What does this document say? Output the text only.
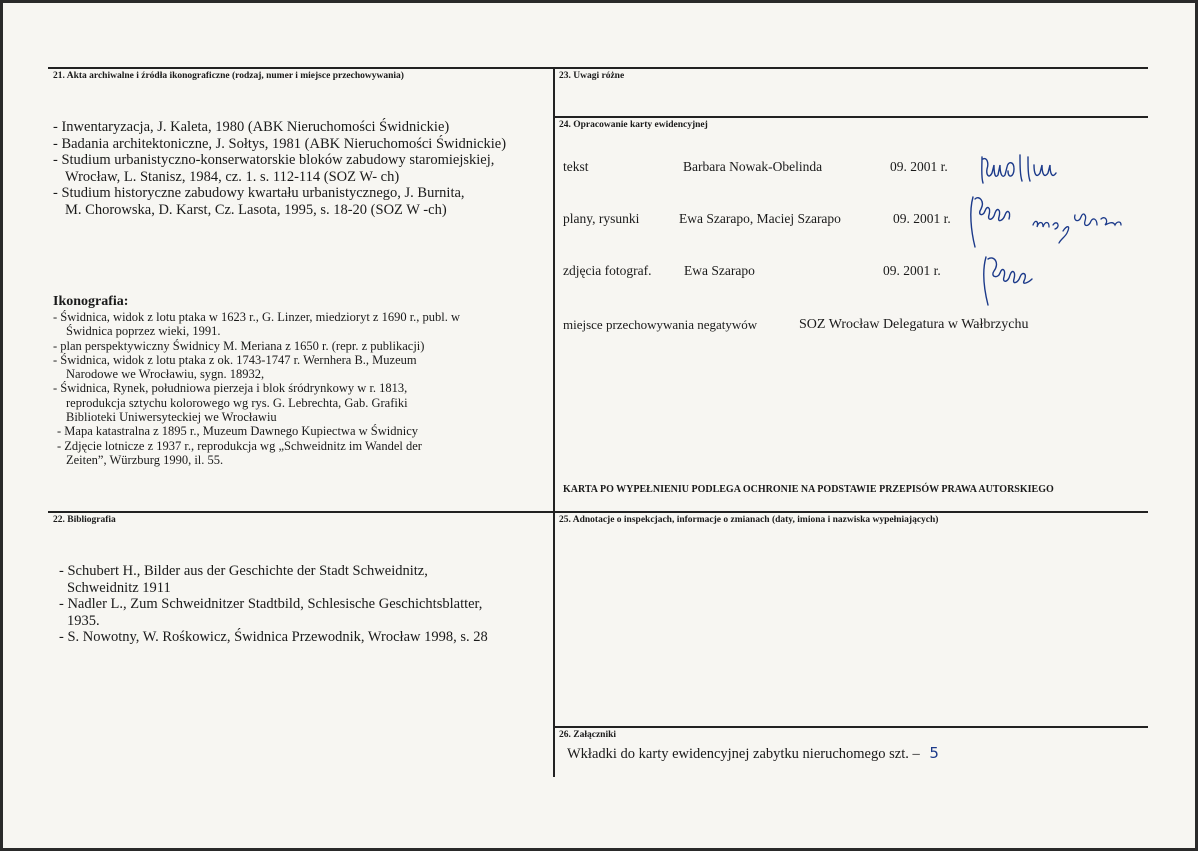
21. Akta archiwalne i źródła ikonograficzne (rodzaj, numer i miejsce przechowywania)
- Inwentaryzacja, J. Kaleta, 1980 (ABK Nieruchomości Świdnickie)
- Badania architektoniczne, J. Sołtys, 1981 (ABK Nieruchomości Świdnickie)
- Studium urbanistyczno-konserwatorskie bloków zabudowy staromiejskiej,
Wrocław, L. Stanisz, 1984, cz. 1. s. 112-114 (SOZ W- ch)
- Studium historyczne zabudowy kwartału urbanistycznego, J. Burnita,
M. Chorowska, D. Karst, Cz. Lasota, 1995, s. 18-20 (SOZ W -ch)
Ikonografia:
- Świdnica, widok z lotu ptaka w 1623 r., G. Linzer, miedzioryt z 1690 r., publ. w
Świdnica poprzez wieki, 1991.
- plan perspektywiczny Świdnicy M. Meriana z 1650 r. (repr. z publikacji)
- Świdnica, widok z lotu ptaka z ok. 1743-1747 r. Wernhera B., Muzeum
Narodowe we Wrocławiu, sygn. 18932,
- Świdnica, Rynek, południowa pierzeja i blok śródrynkowy w r. 1813,
reprodukcja sztychu kolorowego wg rys. G. Lebrechta, Gab. Grafiki
Biblioteki Uniwersyteckiej we Wrocławiu
- Mapa katastralna z 1895 r., Muzeum Dawnego Kupiectwa w Świdnicy
- Zdjęcie lotnicze z 1937 r., reprodukcja wg „Schweidnitz im Wandel der
Zeiten”, Würzburg 1990, il. 55.
22. Bibliografia
- Schubert H., Bilder aus der Geschichte der Stadt Schweidnitz,
Schweidnitz 1911
- Nadler L., Zum Schweidnitzer Stadtbild, Schlesische Geschichtsblatter,
1935.
- S. Nowotny, W. Rośkowicz, Świdnica Przewodnik, Wrocław 1998, s. 28
23. Uwagi różne
24. Opracowanie karty ewidencyjnej
tekst	Barbara Nowak-Obelinda	09. 2001 r.
plany, rysunki	Ewa Szarapo, Maciej Szarapo	09. 2001 r.
zdjęcia fotograf. Ewa Szarapo	09. 2001 r.
miejsce przechowywania negatywów	SOZ Wrocław Delegatura w Wałbrzychu
KARTA PO WYPEŁNIENIU PODLEGA OCHRONIE NA PODSTAWIE PRZEPISÓW PRAWA AUTORSKIEGO
25. Adnotacje o inspekcjach, informacje o zmianach (daty, imiona i nazwiska wypełniających)
26. Załączniki
Wkładki do karty ewidencyjnej zabytku nieruchomego szt. – 5
